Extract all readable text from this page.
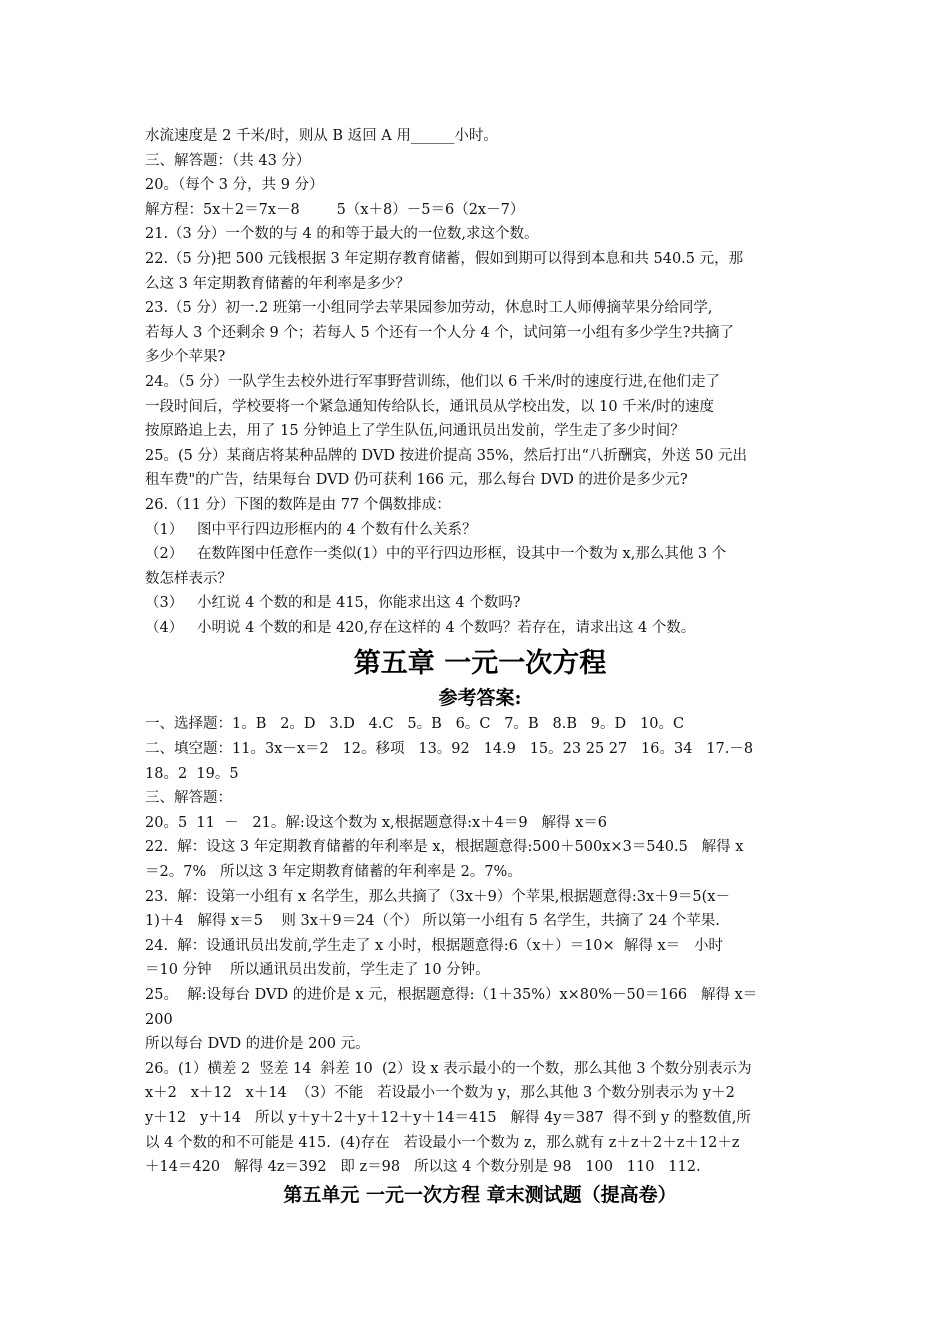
水流速度是 2 千米/时，则从 B 返回 A 用______小时。
三、解答题：（共 43 分）
20。（每个 3 分，共 9 分）
解方程：5x＋2＝7x－8        5（x＋8）－5＝6（2x－7）
21.（3 分）一个数的与 4 的和等于最大的一位数,求这个数。
22.（5 分)把 500 元钱根据 3 年定期存教育储蓄，假如到期可以得到本息和共 540.5 元，那
么这 3 年定期教育储蓄的年利率是多少？
23.（5 分）初一.2 班第一小组同学去苹果园参加劳动，休息时工人师傅摘苹果分给同学,
若每人 3 个还剩余 9 个；若每人 5 个还有一个人分 4 个，试问第一小组有多少学生?共摘了
多少个苹果?
24。（5 分）一队学生去校外进行军事野营训练，他们以 6 千米/时的速度行进,在他们走了
一段时间后，学校要将一个紧急通知传给队长，通讯员从学校出发，以 10 千米/时的速度
按原路追上去，用了 15 分钟追上了学生队伍,问通讯员出发前，学生走了多少时间？
25。(5 分）某商店将某种品牌的 DVD 按进价提高 35%，然后打出“八折酬宾，外送 50 元出
租车费"的广告，结果每台 DVD 仍可获利 166 元，那么每台 DVD 的进价是多少元?
26.（11 分）下图的数阵是由 77 个偶数排成：
（1）   图中平行四边形框内的 4 个数有什么关系？
（2）   在数阵图中任意作一类似(1）中的平行四边形框，设其中一个数为 x,那么其他 3 个
数怎样表示？
（3）   小红说 4 个数的和是 415，你能求出这 4 个数吗?
（4）   小明说 4 个数的和是 420,存在这样的 4 个数吗？若存在，请求出这 4 个数。
第五章 一元一次方程
参考答案:
一、选择题：1。B   2。D   3.D   4.C   5。B   6。C   7。B   8.B   9。D   10。C
二、填空题：11。3x－x＝2   12。移项   13。92   14.9   15。23 25 27   16。34   17.－8
18。2  19。5
三、解答题：
20。5  11  －   21。解:设这个数为 x,根据题意得:x＋4＝9   解得 x＝6
22.  解：设这 3 年定期教育储蓄的年利率是 x，根据题意得:500＋500x×3＝540.5   解得 x
＝2。7%   所以这 3 年定期教育储蓄的年利率是 2。7%。
23.  解：设第一小组有 x 名学生，那么共摘了（3x＋9）个苹果,根据题意得:3x＋9＝5(x－
1)＋4   解得 x＝5    则 3x＋9＝24（个） 所以第一小组有 5 名学生，共摘了 24 个苹果.
24.  解：设通讯员出发前,学生走了 x 小时，根据题意得:6（x＋）＝10×  解得 x＝   小时
＝10 分钟    所以通讯员出发前，学生走了 10 分钟。
25。  解:设每台 DVD 的进价是 x 元，根据题意得:（1＋35%）x×80%－50＝166   解得 x＝
200
所以每台 DVD 的进价是 200 元。
26。(1）横差 2  竖差 14  斜差 10  (2）设 x 表示最小的一个数，那么其他 3 个数分别表示为
x＋2   x＋12   x＋14  （3）不能   若设最小一个数为 y，那么其他 3 个数分别表示为 y＋2
y＋12   y＋14   所以 y＋y＋2＋y＋12＋y＋14＝415   解得 4y＝387  得不到 y 的整数值,所
以 4 个数的和不可能是 415.  (4)存在   若设最小一个数为 z，那么就有 z＋z＋2＋z＋12＋z
＋14＝420   解得 4z＝392   即 z＝98   所以这 4 个数分别是 98   100   110   112.
第五单元 一元一次方程 章末测试题（提高卷）
